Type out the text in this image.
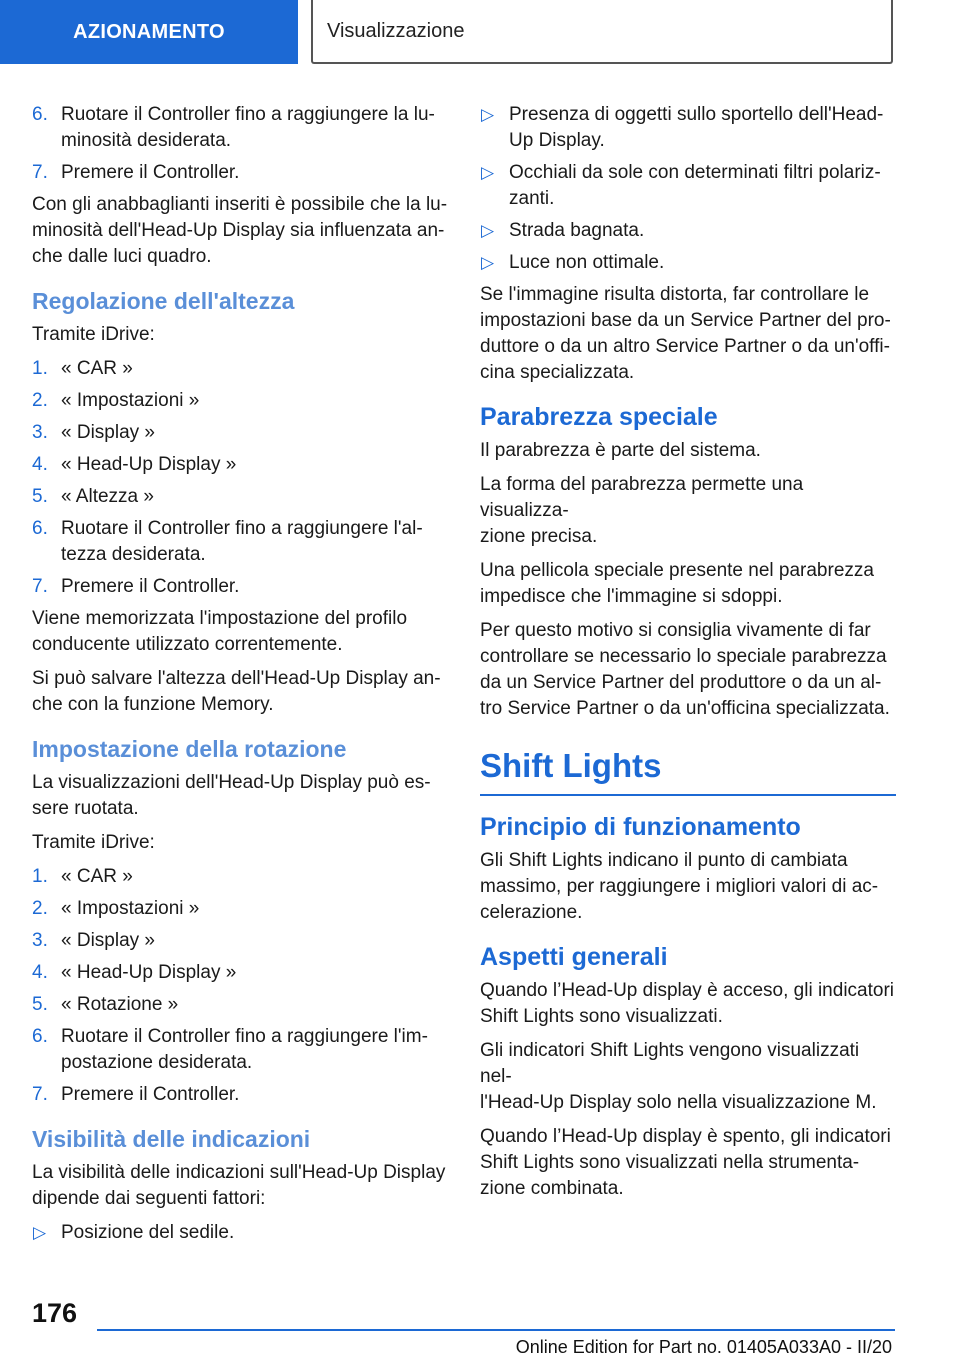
AZIONAMENTO	Visualizzazione
6. Ruotare il Controller fino a raggiungere la lu-
minosità desiderata.
7. Premere il Controller.

Con gli anabbaglianti inseriti è possibile che la lu-
minosità dell'Head-Up Display sia influenzata an-
che dalle luci quadro.

Regolazione dell'altezza

Tramite iDrive:

1. « CAR »
2. « Impostazioni »
3. « Display »
4. « Head-Up Display »
5. « Altezza »
6. Ruotare il Controller fino a raggiungere l'al-
tezza desiderata.
7. Premere il Controller.

Viene memorizzata l'impostazione del profilo
conducente utilizzato correntemente.

Si può salvare l'altezza dell'Head-Up Display an-
che con la funzione Memory.

Impostazione della rotazione

La visualizzazioni dell'Head-Up Display può es-
sere ruotata.

Tramite iDrive:

1. « CAR »
2. « Impostazioni »
3. « Display »
4. « Head-Up Display »
5. « Rotazione »
6. Ruotare il Controller fino a raggiungere l'im-
postazione desiderata.
7. Premere il Controller.
Visibilità delle indicazioni

La visibilità delle indicazioni sull'Head-Up Display
dipende dai seguenti fattori:

▷ Posizione del sedile.
▷ Presenza di oggetti sullo sportello dell'Head-
Up Display.
▷ Occhiali da sole con determinati filtri polariz-
zanti.
▷ Strada bagnata.
▷ Luce non ottimale.

Se l'immagine risulta distorta, far controllare le
impostazioni base da un Service Partner del pro-
duttore o da un altro Service Partner o da un'offi-
cina specializzata.

Parabrezza speciale

Il parabrezza è parte del sistema.

La forma del parabrezza permette una visualizza-
zione precisa.

Una pellicola speciale presente nel parabrezza
impedisce che l'immagine si sdoppi.

Per questo motivo si consiglia vivamente di far
controllare se necessario lo speciale parabrezza
da un Service Partner del produttore o da un al-
tro Service Partner o da un'officina specializzata.

Shift Lights
Principio di funzionamento

Gli Shift Lights indicano il punto di cambiata
massimo, per raggiungere i migliori valori di ac-
celerazione.

Aspetti generali

Quando l’Head-Up display è acceso, gli indicatori
Shift Lights sono visualizzati.

Gli indicatori Shift Lights vengono visualizzati nel-
l'Head-Up Display solo nella visualizzazione M.

Quando l’Head-Up display è spento, gli indicatori
Shift Lights sono visualizzati nella strumenta-
zione combinata.

176
Online Edition for Part no. 01405A033A0 - II/20
